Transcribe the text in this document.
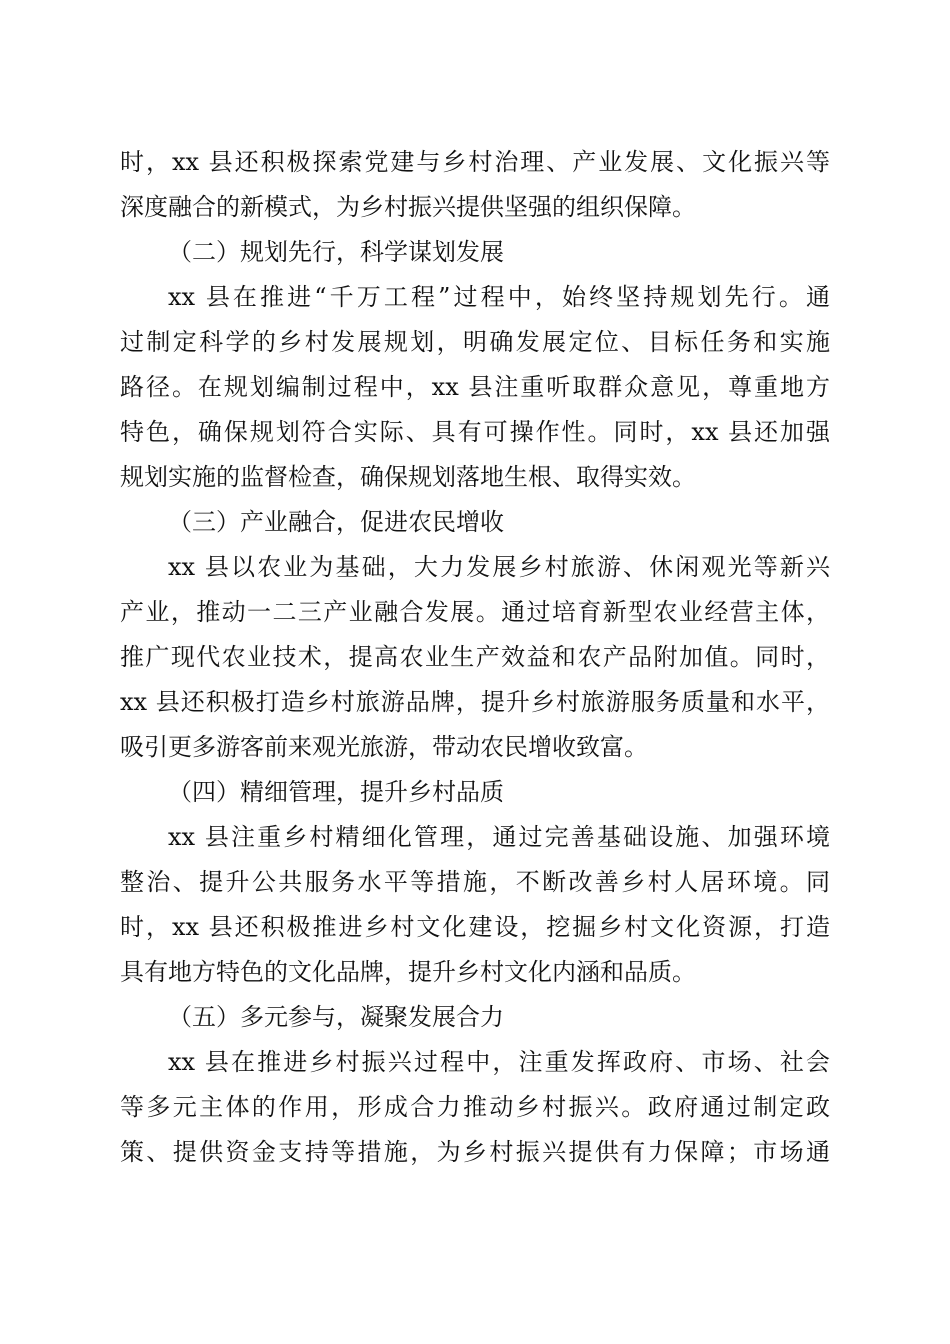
时，xx 县还积极探索党建与乡村治理、产业发展、文化振兴等
深度融合的新模式，为乡村振兴提供坚强的组织保障。
（二）规划先行，科学谋划发展
xx 县在推进“千万工程”过程中，始终坚持规划先行。通
过制定科学的乡村发展规划，明确发展定位、目标任务和实施
路径。在规划编制过程中，xx 县注重听取群众意见，尊重地方
特色，确保规划符合实际、具有可操作性。同时，xx 县还加强
规划实施的监督检查，确保规划落地生根、取得实效。
（三）产业融合，促进农民增收
xx 县以农业为基础，大力发展乡村旅游、休闲观光等新兴
产业，推动一二三产业融合发展。通过培育新型农业经营主体，
推广现代农业技术，提高农业生产效益和农产品附加值。同时，
xx 县还积极打造乡村旅游品牌，提升乡村旅游服务质量和水平，
吸引更多游客前来观光旅游，带动农民增收致富。
（四）精细管理，提升乡村品质
xx 县注重乡村精细化管理，通过完善基础设施、加强环境
整治、提升公共服务水平等措施，不断改善乡村人居环境。同
时，xx 县还积极推进乡村文化建设，挖掘乡村文化资源，打造
具有地方特色的文化品牌，提升乡村文化内涵和品质。
（五）多元参与，凝聚发展合力
xx 县在推进乡村振兴过程中，注重发挥政府、市场、社会
等多元主体的作用，形成合力推动乡村振兴。政府通过制定政
策、提供资金支持等措施，为乡村振兴提供有力保障；市场通
